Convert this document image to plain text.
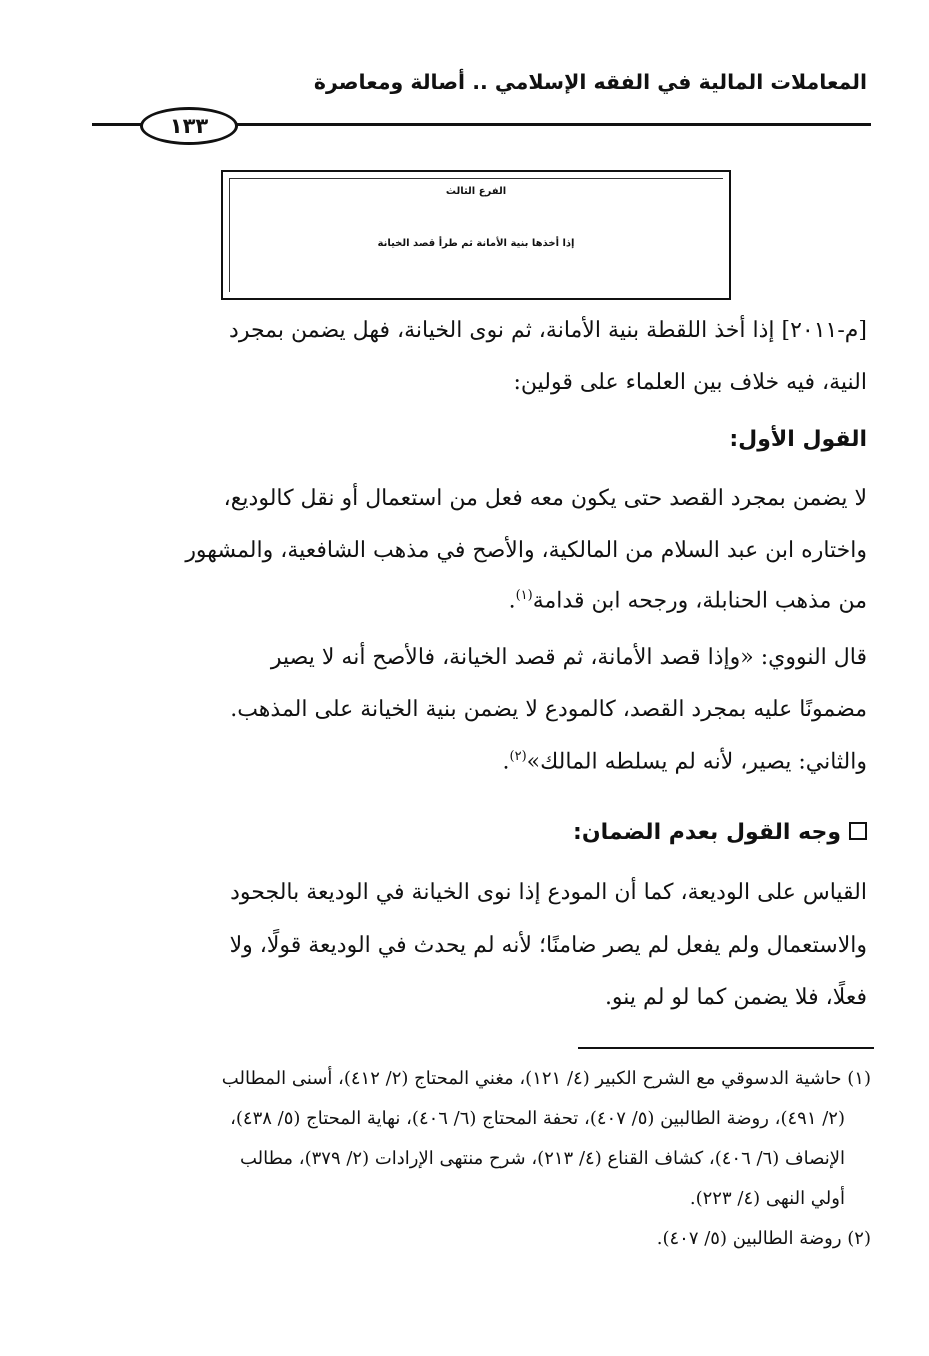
المعاملات المالية في الفقه الإسلامي .. أصالة ومعاصرة
١٣٣
الفرع الثالث
إذا أخذها بنية الأمانة ثم طرأ قصد الخيانة
[م-٢٠١١] إذا أخذ اللقطة بنية الأمانة، ثم نوى الخيانة، فهل يضمن بمجرد
النية، فيه خلاف بين العلماء على قولين:
القول الأول:
لا يضمن بمجرد القصد حتى يكون معه فعل من استعمال أو نقل كالوديع،
واختاره ابن عبد السلام من المالكية، والأصح في مذهب الشافعية، والمشهور
من مذهب الحنابلة، ورجحه ابن قدامة$^{(١)}$.
قال النووي: «وإذا قصد الأمانة، ثم قصد الخيانة، فالأصح أنه لا يصير
مضمونًا عليه بمجرد القصد، كالمودع لا يضمن بنية الخيانة على المذهب.
والثاني: يصير، لأنه لم يسلطه المالك»$^{(٢)}$.
وجه القول بعدم الضمان:
القياس على الوديعة، كما أن المودع إذا نوى الخيانة في الوديعة بالجحود
والاستعمال ولم يفعل لم يصر ضامنًا؛ لأنه لم يحدث في الوديعة قولًا، ولا
فعلًا، فلا يضمن كما لو لم ينو.
(١) حاشية الدسوقي مع الشرح الكبير (٤/ ١٢١)، مغني المحتاج (٢/ ٤١٢)، أسنى المطالب
(٢/ ٤٩١)، روضة الطالبين (٥/ ٤٠٧)، تحفة المحتاج (٦/ ٤٠٦)، نهاية المحتاج (٥/ ٤٣٨)،
الإنصاف (٦/ ٤٠٦)، كشاف القناع (٤/ ٢١٣)، شرح منتهى الإرادات (٢/ ٣٧٩)، مطالب
أولي النهى (٤/ ٢٢٣).
(٢) روضة الطالبين (٥/ ٤٠٧).
